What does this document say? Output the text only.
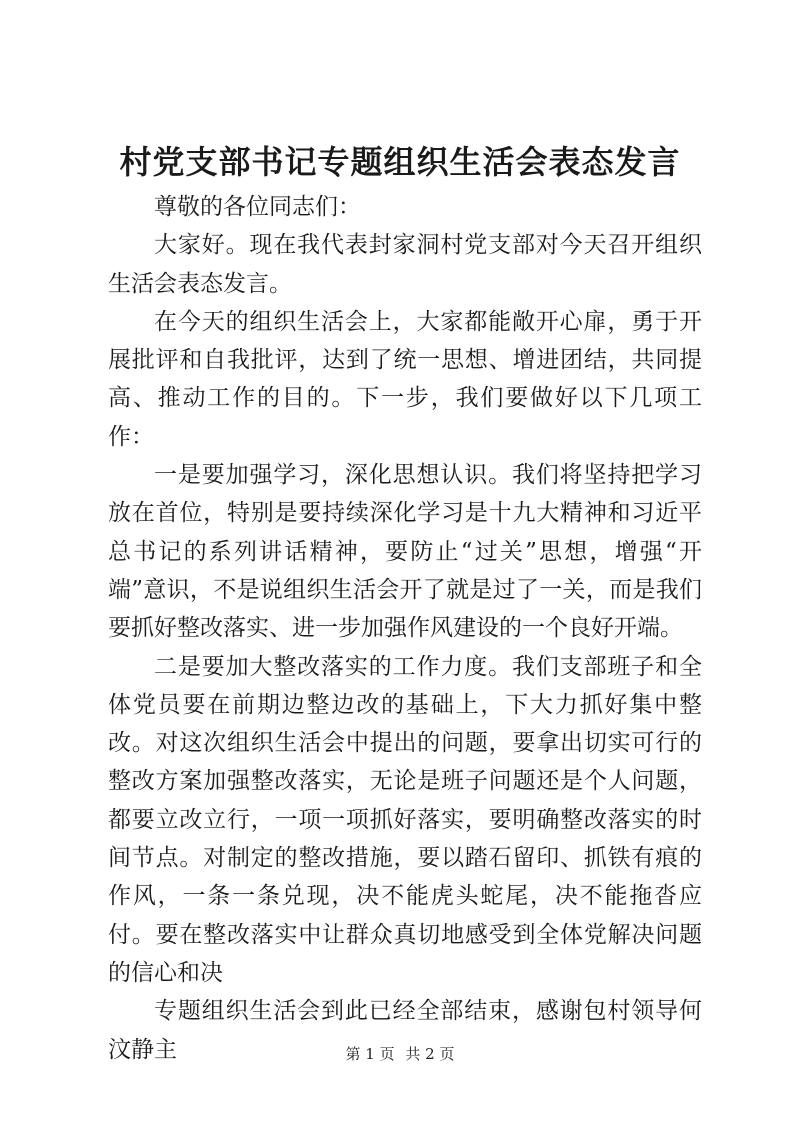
村党支部书记专题组织生活会表态发言

尊敬的各位同志们：

大家好。现在我代表封家洞村党支部对今天召开组织生活会表态发言。

在今天的组织生活会上，大家都能敞开心扉，勇于开展批评和自我批评，达到了统一思想、增进团结，共同提高、推动工作的目的。下一步，我们要做好以下几项工作：

一是要加强学习，深化思想认识。我们将坚持把学习放在首位，特别是要持续深化学习是十九大精神和习近平总书记的系列讲话精神，要防止“过关”思想，增强“开端”意识，不是说组织生活会开了就是过了一关，而是我们要抓好整改落实、进一步加强作风建设的一个良好开端。

二是要加大整改落实的工作力度。我们支部班子和全体党员要在前期边整边改的基础上，下大力抓好集中整改。对这次组织生活会中提出的问题，要拿出切实可行的整改方案加强整改落实，无论是班子问题还是个人问题，都要立改立行，一项一项抓好落实，要明确整改落实的时间节点。对制定的整改措施，要以踏石留印、抓铁有痕的作风，一条一条兑现，决不能虎头蛇尾，决不能拖沓应付。要在整改落实中让群众真切地感受到全体党解决问题的信心和决

专题组织生活会到此已经全部结束，感谢包村领导何汶静主	第 1 页 共 2 页
